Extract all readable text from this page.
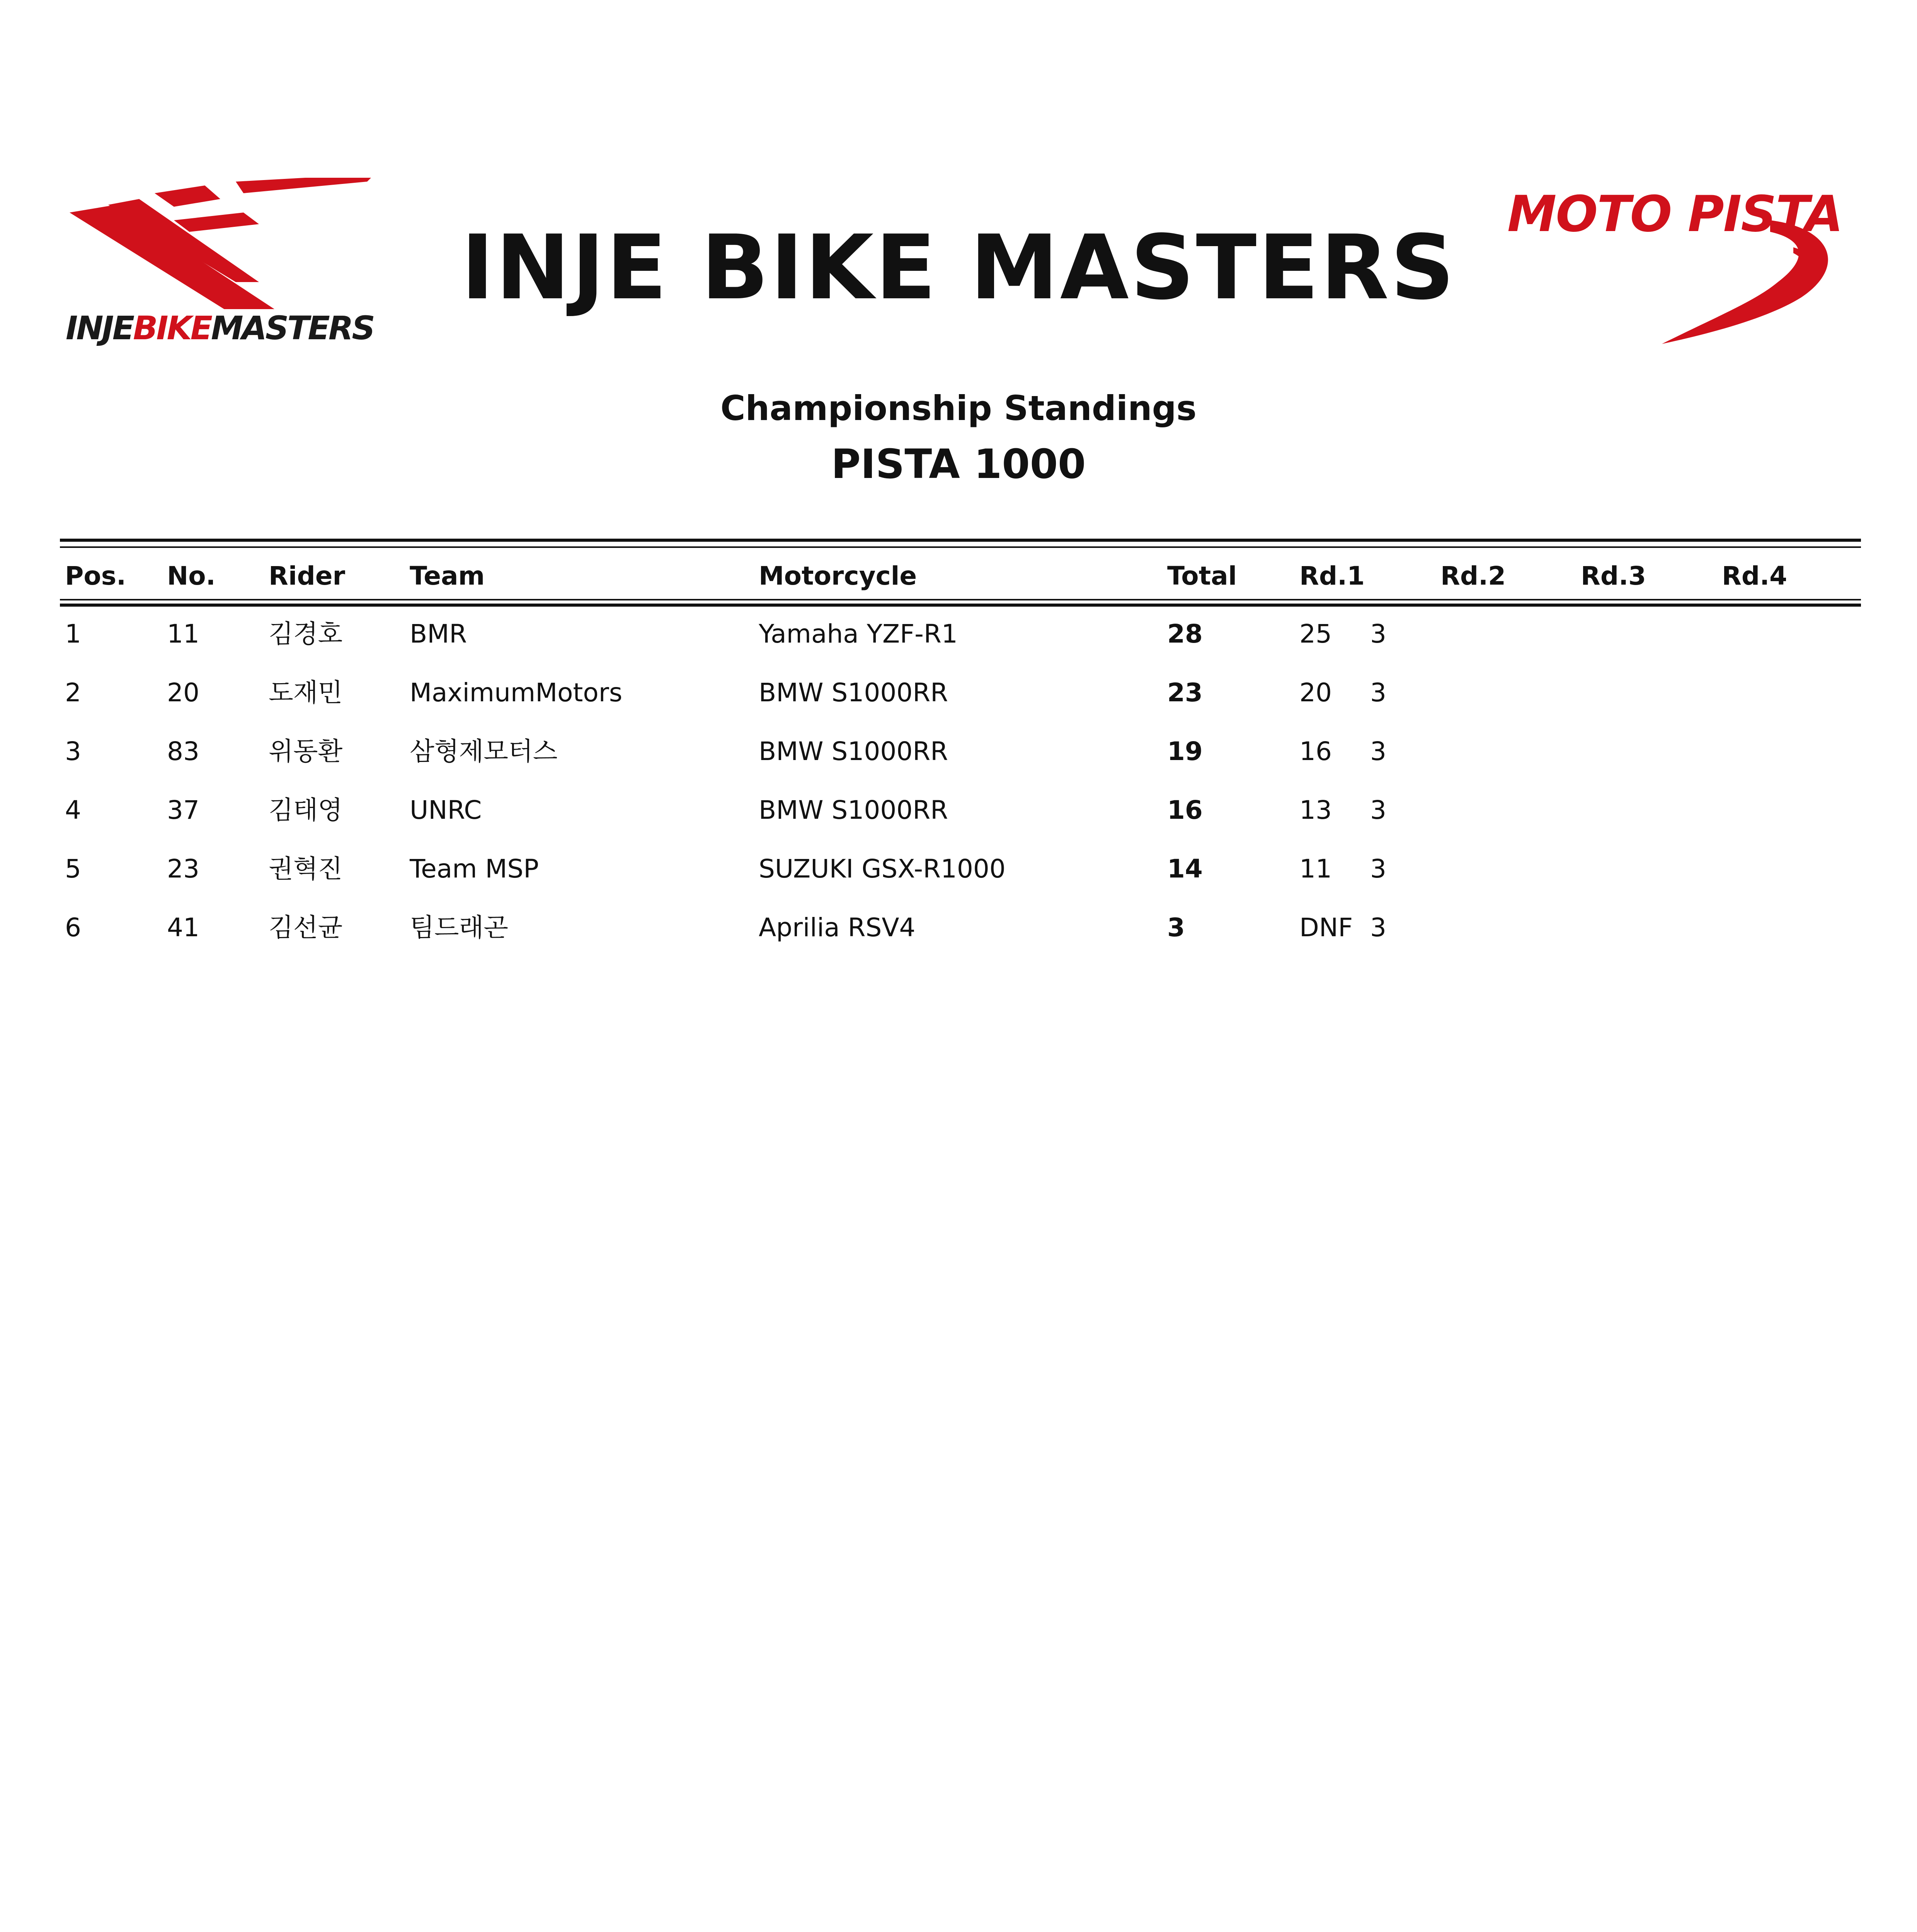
INJEBIKEMASTERS
INJE BIKE MASTERS
MOTO PISTA
Championship Standings
PISTA 1000
Pos. No. Rider	Team	Motorcycle	Total Rd.1	Rd.2	Rd.3	Rd.4
1	11	김경호	BMR	Yamaha YZF-R1	28	25 3
2	20	도재민	MaximumMotors	BMW S1000RR	23	20 3
3	83	위동환	삼형제모터스	BMW S1000RR	19	16 3
4	37	김태영	UNRC	BMW S1000RR	16	13 3
5	23	권혁진	Team MSP	SUZUKI GSX-R1000	14	11 3
6	41	김선균	팀드래곤	Aprilia RSV4	3	DNF 3
